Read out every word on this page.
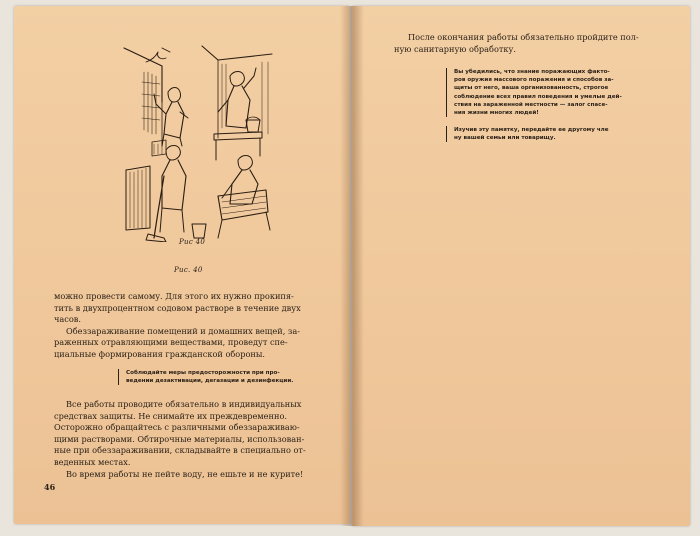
Рис 40
Рис. 40

можно провести самому. Для этого их нужно прокипя-

тить в двухпроцентном содовом растворе в течение двух

часов.

Обеззараживание помещений и домашних вещей, за-

раженных отравляющими веществами, проведут спе-

циальные формирования гражданской обороны.

Соблюдайте меры предосторожности при про-
ведении дезактивации, дегазации и дезинфекции.

Все работы проводите обязательно в индивидуальных

средствах защиты. Не снимайте их преждевременно.

Осторожно обращайтесь с различными обеззараживаю-

щими растворами. Обтирочные материалы, использован-

ные при обеззараживании, складывайте в специально от-

веденных местах.

Во время работы не пейте воду, не ешьте и не курите!

46

После окончания работы обязательно пройдите пол-

ную санитарную обработку.

Вы убедились, что знание поражающих факто-
ров оружия массового поражения и способов за-
щиты от него, ваша организованность, строгое
соблюдение всех правил поведения и умелые дей-
ствия на зараженной местности — залог спасе-
ния жизни многих людей!
Изучив эту памятку, передайте ее другому чле
ну вашей семьи или товарищу.
